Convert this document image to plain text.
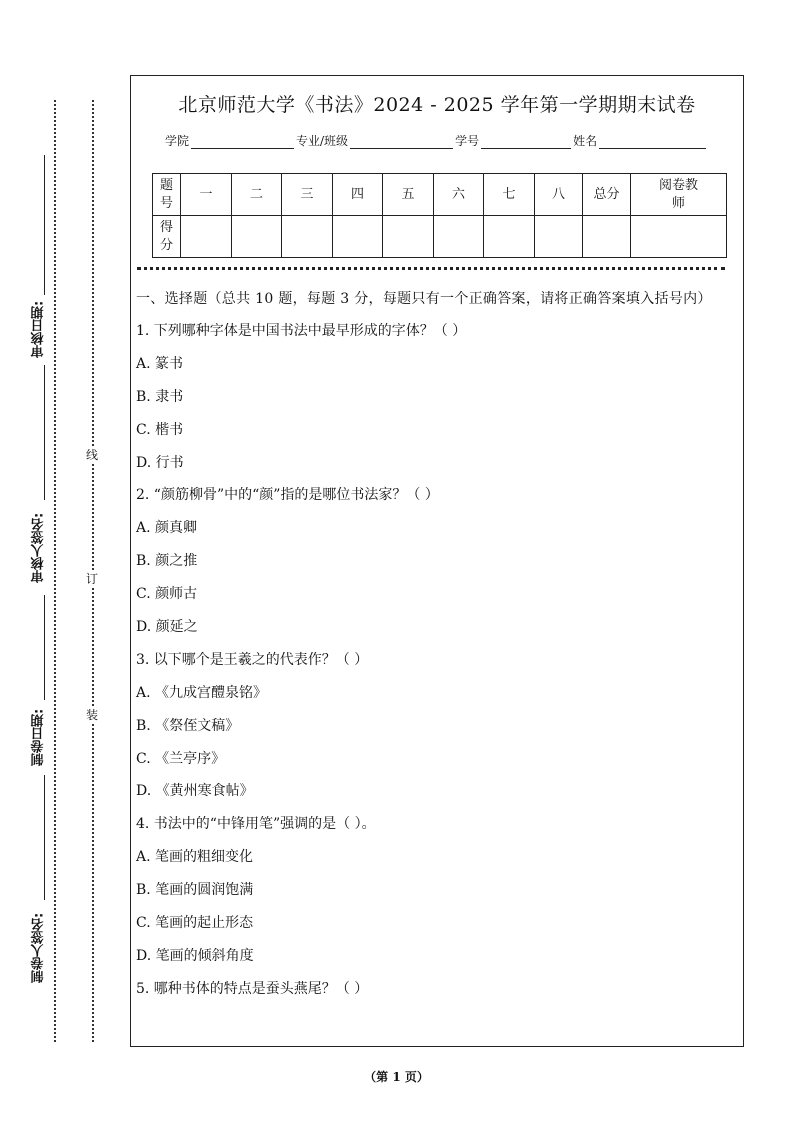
审核日期:
审核人签名:
制卷日期:
制卷人签名:
线
订
装
北京师范大学《书法》2024 - 2025 学年第一学期期末试卷
学院	专业/班级	学号	姓名
题号	一	二	三	四	五	六	七	八	总分	阅卷教师
得分										
一、选择题（总共 10 题，每题 3 分，每题只有一个正确答案，请将正确答案填入括号内）
1. 下列哪种字体是中国书法中最早形成的字体？（ ）
A. 篆书
B. 隶书
C. 楷书
D. 行书
2. “颜筋柳骨”中的“颜”指的是哪位书法家？（ ）
A. 颜真卿
B. 颜之推
C. 颜师古
D. 颜延之
3. 以下哪个是王羲之的代表作？（ ）
A. 《九成宫醴泉铭》
B. 《祭侄文稿》
C. 《兰亭序》
D. 《黄州寒食帖》
4. 书法中的“中锋用笔”强调的是（ ）。
A. 笔画的粗细变化
B. 笔画的圆润饱满
C. 笔画的起止形态
D. 笔画的倾斜角度
5. 哪种书体的特点是蚕头燕尾？（ ）
（第 1 页）
